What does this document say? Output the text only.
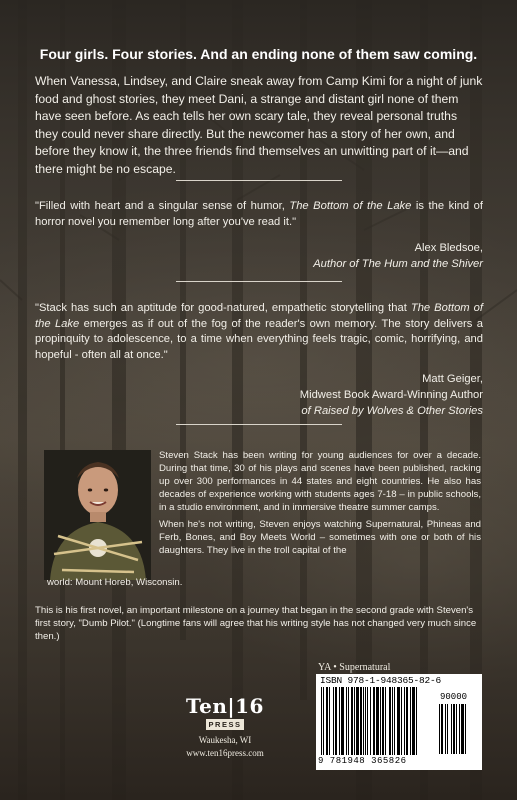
Four girls. Four stories. And an ending none of them saw coming.
When Vanessa, Lindsey, and Claire sneak away from Camp Kimi for a night of junk food and ghost stories, they meet Dani, a strange and distant girl none of them have seen before. As each tells her own scary tale, they reveal personal truths they could never share directly. But the newcomer has a story of her own, and before they know it, the three friends find themselves an unwitting part of it—and there might be no escape.
"Filled with heart and a singular sense of humor, The Bottom of the Lake is the kind of horror novel you remember long after you've read it."
Alex Bledsoe,
Author of The Hum and the Shiver
"Stack has such an aptitude for good-natured, empathetic storytelling that The Bottom of the Lake emerges as if out of the fog of the reader's own memory. The story delivers a propinquity to adolescence, to a time when everything feels tragic, comic, horrifying, and hopeful - often all at once."
Matt Geiger,
Midwest Book Award-Winning Author
of Raised by Wolves & Other Stories
Steven Stack has been writing for young audiences for over a decade. During that time, 30 of his plays and scenes have been published, racking up over 300 performances in 44 states and eight countries. He also has decades of experience working with students ages 7-18 – in public schools, in a studio environment, and in immersive theatre summer camps.
When he's not writing, Steven enjoys watching Supernatural, Phineas and Ferb, Bones, and Boy Meets World – sometimes with one or both of his daughters. They live in the troll capital of the
world: Mount Horeb, Wisconsin.
This is his first novel, an important milestone on a journey that began in the second grade with Steven's first story, "Dumb Pilot." (Longtime fans will agree that his writing style has not changed very much since then.)
Ten|16
PRESS
Waukesha, WI
www.ten16press.com
YA • Supernatural
ISBN 978-1-948365-82-6
90000
9 781948 365826
